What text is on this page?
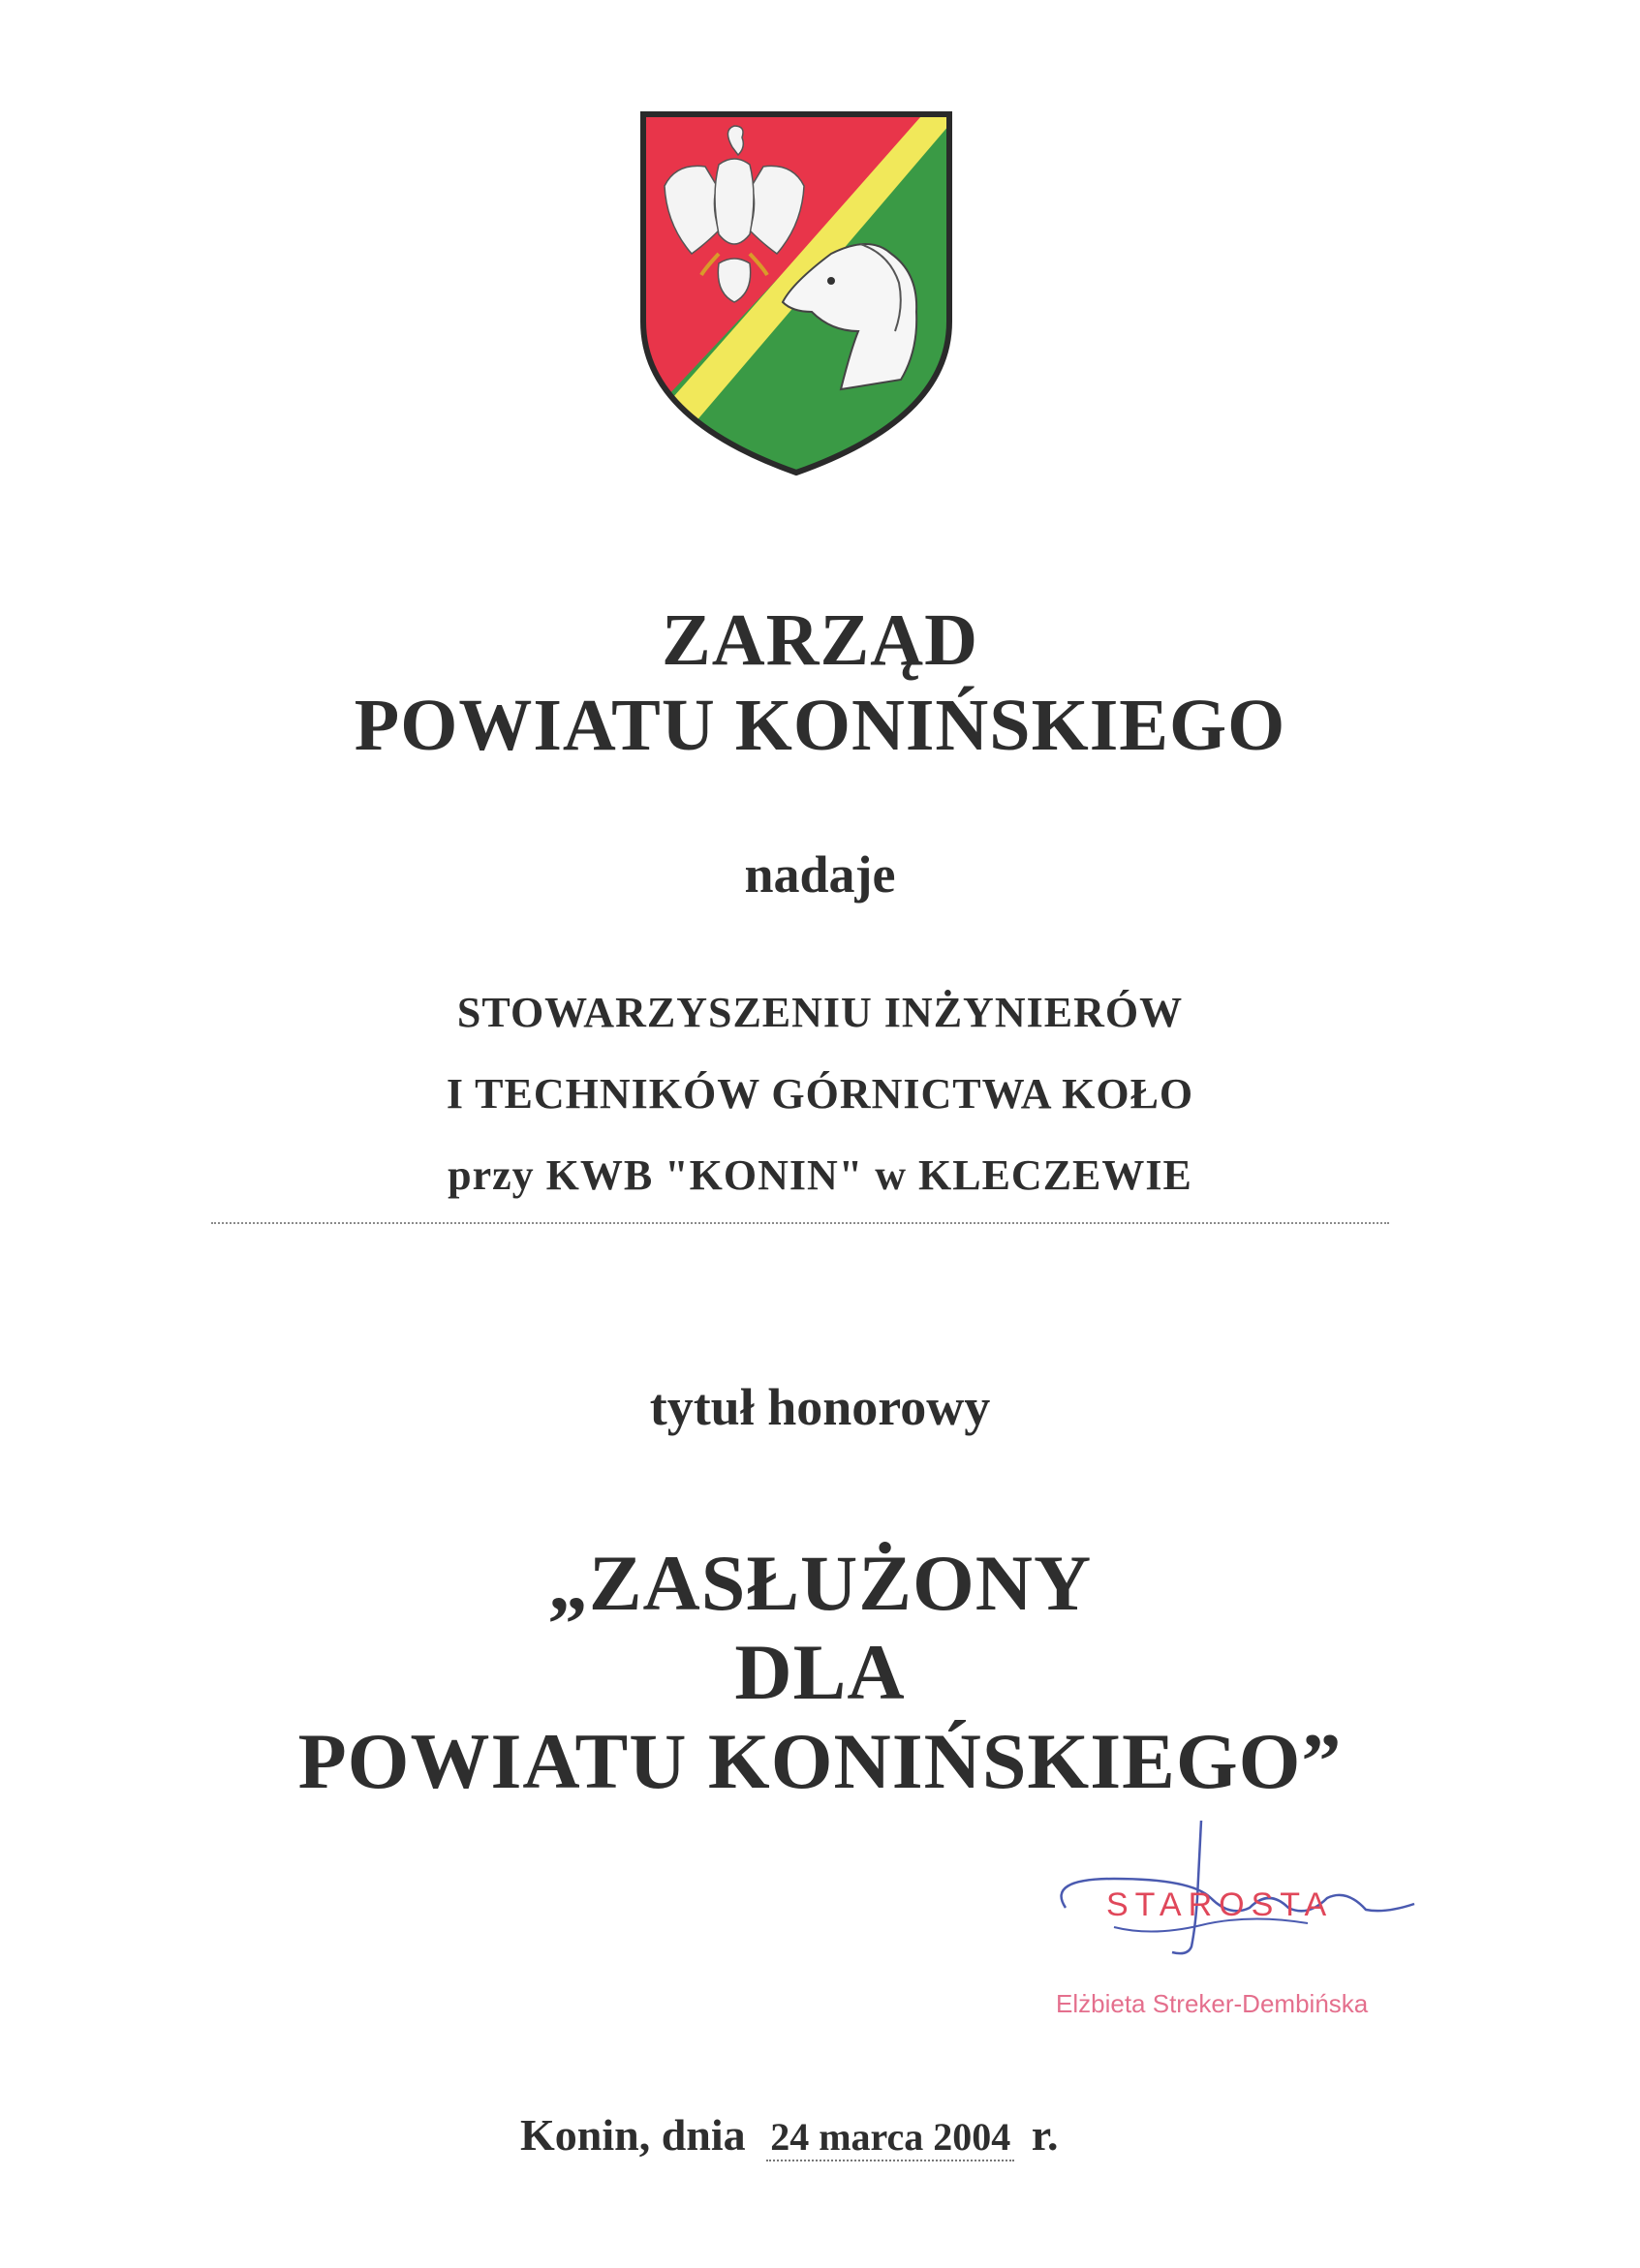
ZARZĄD
POWIATU KONIŃSKIEGO
nadaje
STOWARZYSZENIU INŻYNIERÓW
I TECHNIKÓW GÓRNICTWA KOŁO
przy KWB "KONIN" w KLECZEWIE
tytuł honorowy
„ZASŁUŻONY
DLA
POWIATU KONIŃSKIEGO”
STAROSTA
Elżbieta Streker-Dembińska
Konin, dnia 24 marca 2004 r.
